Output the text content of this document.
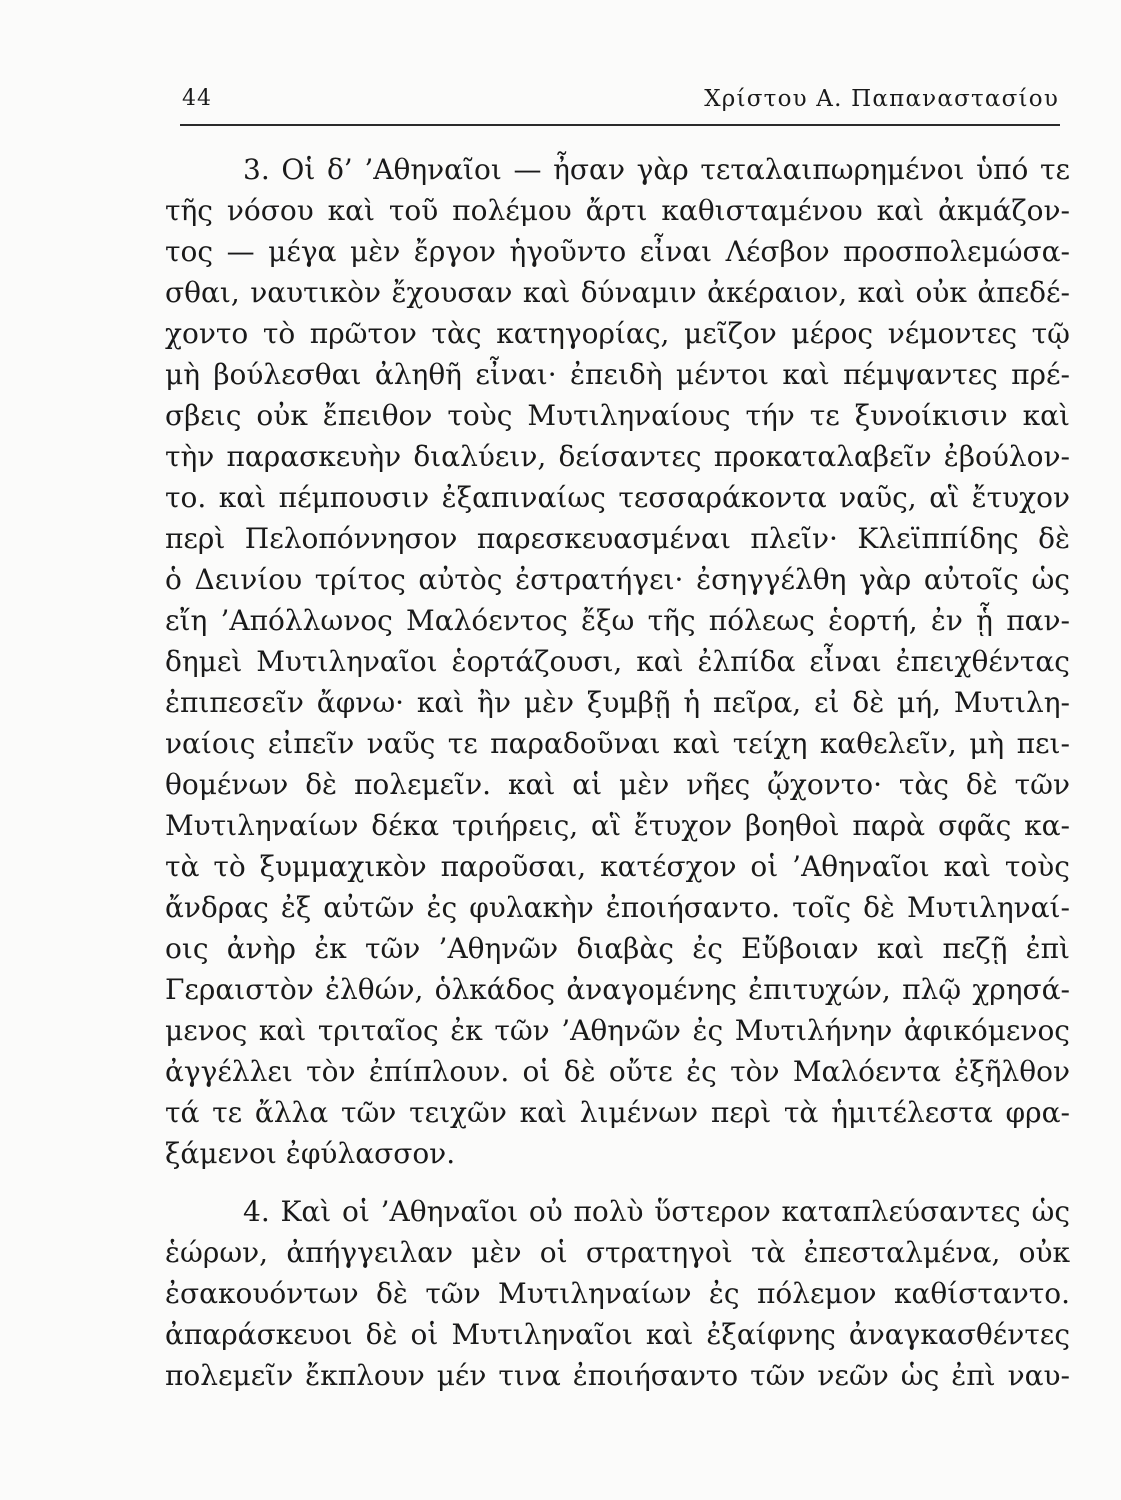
44	Χρίστου Α. Παπαναστασίου
3. Οἱ δ’ ’Αθηναῖοι — ἦσαν γὰρ τεταλαιπωρημένοι ὑπό τε
τῆς νόσου καὶ τοῦ πολέμου ἄρτι καθισταμένου καὶ ἀκμάζον-
τος — μέγα μὲν ἔργον ἡγοῦντο εἶναι Λέσβον προσπολεμώσα-
σθαι, ναυτικὸν ἔχουσαν καὶ δύναμιν ἀκέραιον, καὶ οὐκ ἀπεδέ-
χοντο τὸ πρῶτον τὰς κατηγορίας, μεῖζον μέρος νέμοντες τῷ
μὴ βούλεσθαι ἀληθῆ εἶναι· ἐπειδὴ μέντοι καὶ πέμψαντες πρέ-
σβεις οὐκ ἔπειθον τοὺς Μυτιληναίους τήν τε ξυνοίκισιν καὶ
τὴν παρασκευὴν διαλύειν, δείσαντες προκαταλαβεῖν ἐβούλον-
το. καὶ πέμπουσιν ἐξαπιναίως τεσσαράκοντα ναῦς, αἳ ἔτυχον
περὶ Πελοπόννησον παρεσκευασμέναι πλεῖν· Κλεϊππίδης δὲ
ὁ Δεινίου τρίτος αὐτὸς ἐστρατήγει· ἐσηγγέλθη γὰρ αὐτοῖς ὡς
εἴη ’Απόλλωνος Μαλόεντος ἔξω τῆς πόλεως ἑορτή, ἐν ᾗ παν-
δημεὶ Μυτιληναῖοι ἑορτάζουσι, καὶ ἐλπίδα εἶναι ἐπειχθέντας
ἐπιπεσεῖν ἄφνω· καὶ ἢν μὲν ξυμβῇ ἡ πεῖρα, εἰ δὲ μή, Μυτιλη-
ναίοις εἰπεῖν ναῦς τε παραδοῦναι καὶ τείχη καθελεῖν, μὴ πει-
θομένων δὲ πολεμεῖν. καὶ αἱ μὲν νῆες ᾤχοντο· τὰς δὲ τῶν
Μυτιληναίων δέκα τριήρεις, αἳ ἔτυχον βοηθοὶ παρὰ σφᾶς κα-
τὰ τὸ ξυμμαχικὸν παροῦσαι, κατέσχον οἱ ’Αθηναῖοι καὶ τοὺς
ἄνδρας ἐξ αὐτῶν ἐς φυλακὴν ἐποιήσαντο. τοῖς δὲ Μυτιληναί-
οις ἀνὴρ ἐκ τῶν ’Αθηνῶν διαβὰς ἐς Εὔβοιαν καὶ πεζῇ ἐπὶ
Γεραιστὸν ἐλθών, ὁλκάδος ἀναγομένης ἐπιτυχών, πλῷ χρησά-
μενος καὶ τριταῖος ἐκ τῶν ’Αθηνῶν ἐς Μυτιλήνην ἀφικόμενος
ἀγγέλλει τὸν ἐπίπλουν. οἱ δὲ οὔτε ἐς τὸν Μαλόεντα ἐξῆλθον
τά τε ἄλλα τῶν τειχῶν καὶ λιμένων περὶ τὰ ἡμιτέλεστα φρα-
ξάμενοι ἐφύλασσον.
4. Καὶ οἱ ’Αθηναῖοι οὐ πολὺ ὕστερον καταπλεύσαντες ὡς
ἑώρων, ἀπήγγειλαν μὲν οἱ στρατηγοὶ τὰ ἐπεσταλμένα, οὐκ
ἐσακουόντων δὲ τῶν Μυτιληναίων ἐς πόλεμον καθίσταντο.
ἀπαράσκευοι δὲ οἱ Μυτιληναῖοι καὶ ἐξαίφνης ἀναγκασθέντες
πολεμεῖν ἔκπλουν μέν τινα ἐποιήσαντο τῶν νεῶν ὡς ἐπὶ ναυ-
